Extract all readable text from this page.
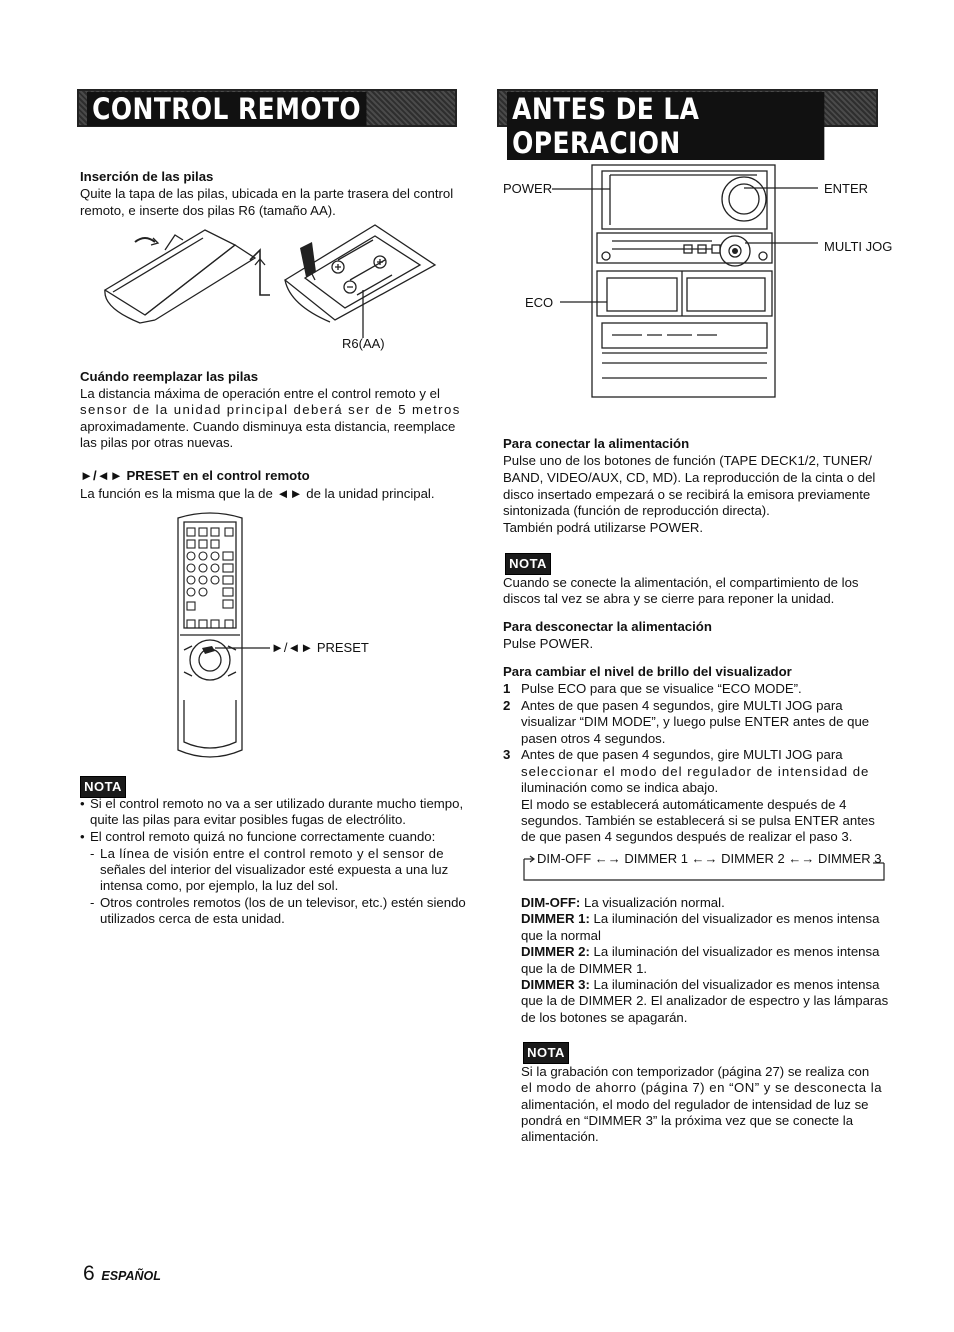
CONTROL REMOTO
Inserción de las pilas

Quite la tapa de las pilas, ubicada en la parte trasera del control

remoto, e inserte dos pilas R6 (tamaño AA).

R6(AA)
Cuándo reemplazar las pilas

La distancia máxima de operación entre el control remoto y el

sensor de la unidad principal deberá ser de 5 metros

aproximadamente. Cuando disminuya esta distancia, reemplace

las pilas por otras nuevas.

►/◄► PRESET en el control remoto

La función es la misma que la de ◄► de la unidad principal.

►/◄► PRESET
NOTA
• Si el control remoto no va a ser utilizado durante mucho tiempo,

quite las pilas para evitar posibles fugas de electrólito.

• El control remoto quizá no funcione correctamente cuando:

- La línea de visión entre el control remoto y el sensor de

señales del interior del visualizador esté expuesta a una luz

intensa como, por ejemplo, la luz del sol.

- Otros controles remotos (los de un televisor, etc.) estén siendo

utilizados cerca de esta unidad.

6 ESPAÑOL
ANTES DE LA OPERACION
POWER	ENTER
MULTI JOG
ECO
Para conectar la alimentación

Pulse uno de los botones de función (TAPE DECK1/2, TUNER/

BAND, VIDEO/AUX, CD, MD). La reproducción de la cinta o del

disco insertado empezará o se recibirá la emisora previamente

sintonizada (función de reproducción directa).

También podrá utilizarse POWER.

NOTA

Cuando se conecte la alimentación, el compartimiento de los

discos tal vez se abra y se cierre para reponer la unidad.

Para desconectar la alimentación

Pulse POWER.

Para cambiar el nivel de brillo del visualizador
1 Pulse ECO para que se visualice “ECO MODE”.

2 Antes de que pasen 4 segundos, gire MULTI JOG para

visualizar “DIM MODE”, y luego pulse ENTER antes de que

pasen otros 4 segundos.

3 Antes de que pasen 4 segundos, gire MULTI JOG para

seleccionar el modo del regulador de intensidad de

iluminación como se indica abajo.

El modo se establecerá automáticamente después de 4

segundos. También se establecerá si se pulsa ENTER antes

de que pasen 4 segundos después de realizar el paso 3.

DIM-OFF ←→ DIMMER 1 ←→ DIMMER 2 ←→ DIMMER 3

DIM-OFF: La visualización normal.

DIMMER 1: La iluminación del visualizador es menos intensa

que la normal

DIMMER 2: La iluminación del visualizador es menos intensa

que la de DIMMER 1.

DIMMER 3: La iluminación del visualizador es menos intensa

que la de DIMMER 2. El analizador de espectro y las lámparas

de los botones se apagarán.

NOTA

Si la grabación con temporizador (página 27) se realiza con

el modo de ahorro (página 7) en “ON” y se desconecta la

alimentación, el modo del regulador de intensidad de luz se

pondrá en “DIMMER 3” la próxima vez que se conecte la

alimentación.
